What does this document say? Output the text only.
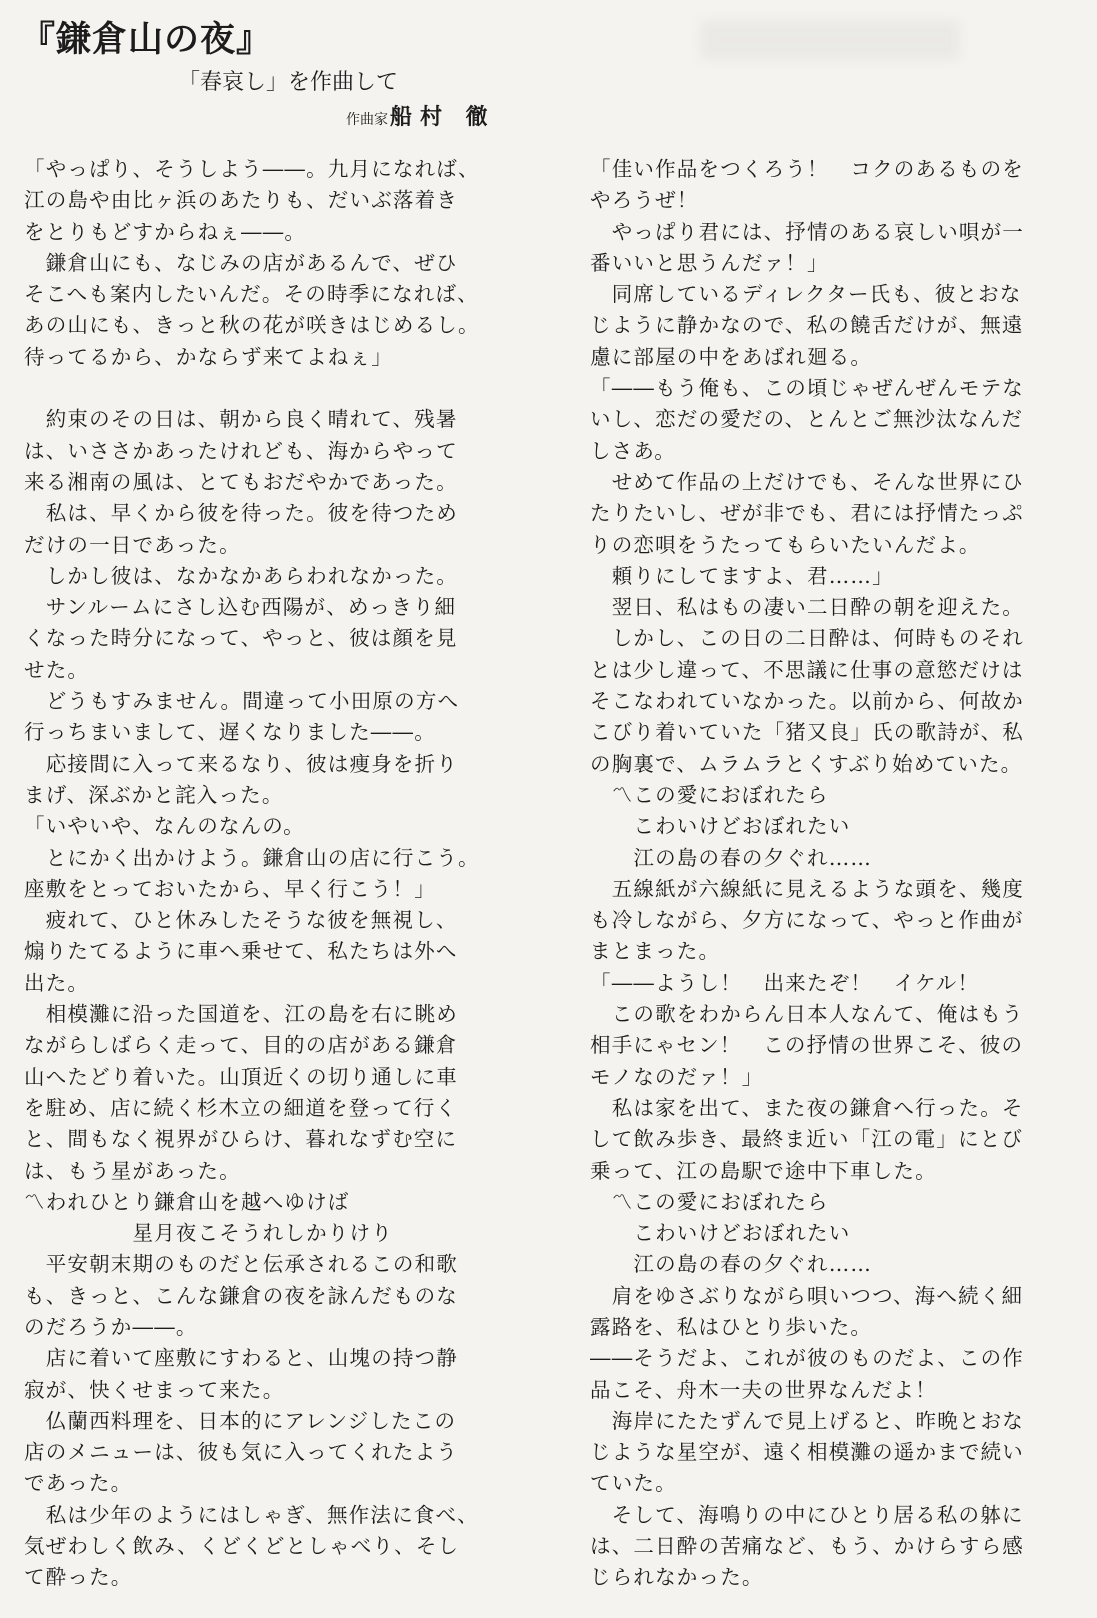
『鎌倉山の夜』
「春哀し」を作曲して
作曲家船村 徹
「やっぱり、そうしよう――。九月になれば、
江の島や由比ヶ浜のあたりも、だいぶ落着き
をとりもどすからねぇ――。
　鎌倉山にも、なじみの店があるんで、ぜひ
そこへも案内したいんだ。その時季になれば、
あの山にも、きっと秋の花が咲きはじめるし。
待ってるから、かならず来てよねぇ」
　約束のその日は、朝から良く晴れて、残暑
は、いささかあったけれども、海からやって
来る湘南の風は、とてもおだやかであった。
　私は、早くから彼を待った。彼を待つため
だけの一日であった。
　しかし彼は、なかなかあらわれなかった。
　サンルームにさし込む西陽が、めっきり細
くなった時分になって、やっと、彼は顔を見
せた。
　どうもすみません。間違って小田原の方へ
行っちまいまして、遅くなりました――。
　応接間に入って来るなり、彼は痩身を折り
まげ、深ぶかと詫入った。
「いやいや、なんのなんの。
　とにかく出かけよう。鎌倉山の店に行こう。
座敷をとっておいたから、早く行こう！」
　疲れて、ひと休みしたそうな彼を無視し、
煽りたてるように車へ乗せて、私たちは外へ
出た。
　相模灘に沿った国道を、江の島を右に眺め
ながらしばらく走って、目的の店がある鎌倉
山へたどり着いた。山頂近くの切り通しに車
を駐め、店に続く杉木立の細道を登って行く
と、間もなく視界がひらけ、暮れなずむ空に
は、もう星があった。
〽われひとり鎌倉山を越へゆけば
　　　　　星月夜こそうれしかりけり
　平安朝末期のものだと伝承されるこの和歌
も、きっと、こんな鎌倉の夜を詠んだものな
のだろうか――。
　店に着いて座敷にすわると、山塊の持つ静
寂が、快くせまって来た。
　仏蘭西料理を、日本的にアレンジしたこの
店のメニューは、彼も気に入ってくれたよう
であった。
　私は少年のようにはしゃぎ、無作法に食べ、
気ぜわしく飲み、くどくどとしゃべり、そし
て酔った。
「佳い作品をつくろう！　コクのあるものを
やろうぜ！
　やっぱり君には、抒情のある哀しい唄が一
番いいと思うんだァ！」
　同席しているディレクター氏も、彼とおな
じように静かなので、私の饒舌だけが、無遠
慮に部屋の中をあばれ廻る。
「――もう俺も、この頃じゃぜんぜんモテな
いし、恋だの愛だの、とんとご無沙汰なんだ
しさあ。
　せめて作品の上だけでも、そんな世界にひ
たりたいし、ぜが非でも、君には抒情たっぷ
りの恋唄をうたってもらいたいんだよ。
　頼りにしてますよ、君……」
　翌日、私はもの凄い二日酔の朝を迎えた。
　しかし、この日の二日酔は、何時ものそれ
とは少し違って、不思議に仕事の意慾だけは
そこなわれていなかった。以前から、何故か
こびり着いていた「猪又良」氏の歌詩が、私
の胸裏で、ムラムラとくすぶり始めていた。
　〽この愛におぼれたら
　　こわいけどおぼれたい
　　江の島の春の夕ぐれ……
　五線紙が六線紙に見えるような頭を、幾度
も冷しながら、夕方になって、やっと作曲が
まとまった。
「――ようし！　出来たぞ！　イケル！
　この歌をわからん日本人なんて、俺はもう
相手にゃセン！　この抒情の世界こそ、彼の
モノなのだァ！」
　私は家を出て、また夜の鎌倉へ行った。そ
して飲み歩き、最終ま近い「江の電」にとび
乗って、江の島駅で途中下車した。
　〽この愛におぼれたら
　　こわいけどおぼれたい
　　江の島の春の夕ぐれ……
　肩をゆさぶりながら唄いつつ、海へ続く細
露路を、私はひとり歩いた。
――そうだよ、これが彼のものだよ、この作
品こそ、舟木一夫の世界なんだよ！
　海岸にたたずんで見上げると、昨晩とおな
じような星空が、遠く相模灘の遥かまで続い
ていた。
　そして、海鳴りの中にひとり居る私の躰に
は、二日酔の苦痛など、もう、かけらすら感
じられなかった。
